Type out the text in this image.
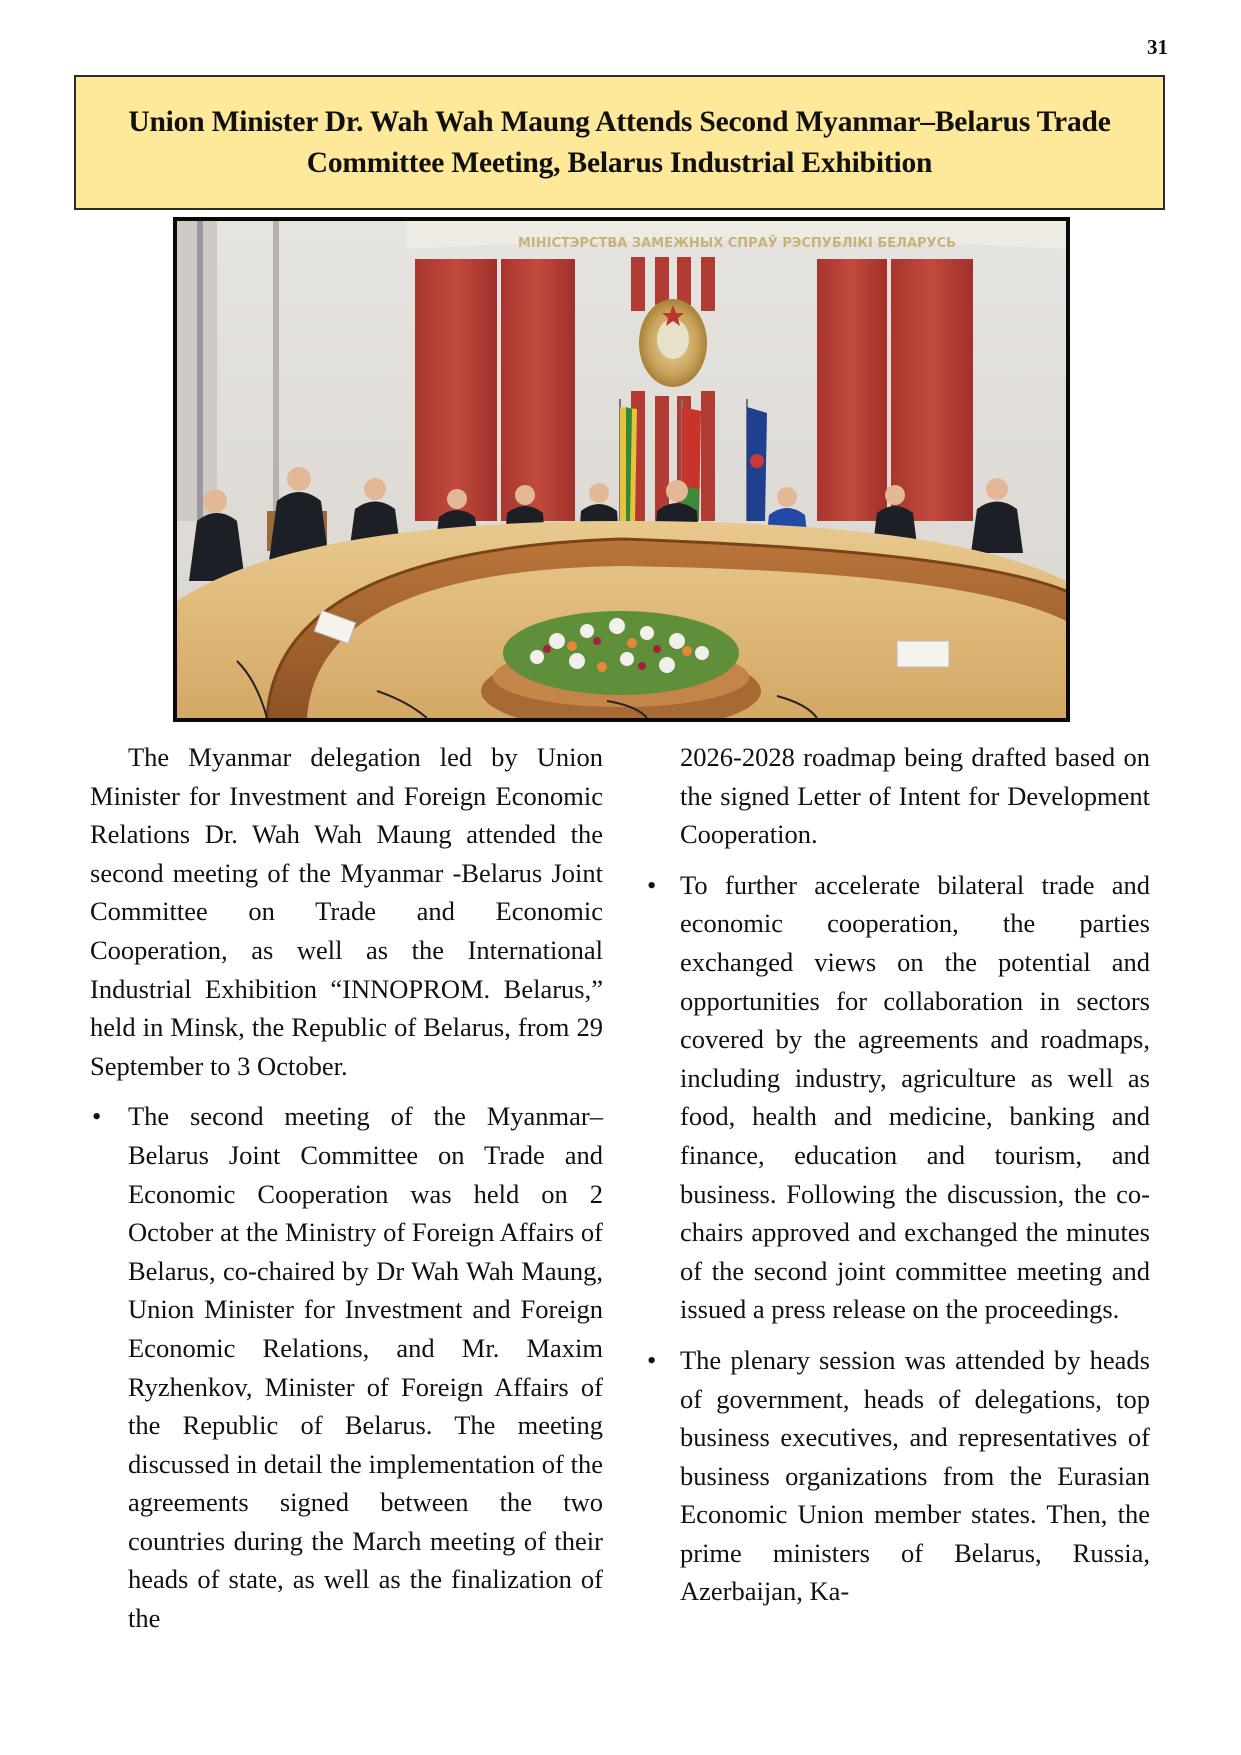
31
Union Minister Dr. Wah Wah Maung Attends Second Myanmar–Belarus Trade
Committee Meeting, Belarus Industrial Exhibition
МІНІСТЭРСТВА ЗАМЕЖНЫХ СПРАЎ РЭСПУБЛІКІ БЕЛАРУСЬ

The Myanmar delegation led by Union Minister for Investment and Foreign Economic Relations Dr. Wah Wah Maung attended the second meeting of the Myanmar -Belarus Joint Committee on Trade and Economic Cooperation, as well as the International Industrial Exhibition “INNOPROM. Belarus,” held in Minsk, the Republic of Belarus, from 29 September to 3 October.

• The second meeting of the Myanmar–Belarus Joint Committee on Trade and Economic Cooperation was held on 2 October at the Ministry of Foreign Affairs of Belarus, co-chaired by Dr Wah Wah Maung, Union Minister for Investment and Foreign Economic Relations, and Mr. Maxim Ryzhenkov, Minister of Foreign Affairs of the Republic of Belarus. The meeting discussed in detail the implementation of the agreements signed between the two countries during the March meeting of their heads of state, as well as the finalization of the

2026-2028 roadmap being drafted based on the signed Letter of Intent for Development Cooperation.

• To further accelerate bilateral trade and economic cooperation, the parties exchanged views on the potential and opportunities for collaboration in sectors covered by the agreements and roadmaps, including industry, agriculture as well as food, health and medicine, banking and finance, education and tourism, and business. Following the discussion, the co-chairs approved and exchanged the minutes of the second joint committee meeting and issued a press release on the proceedings.

• The plenary session was attended by heads of government, heads of delegations, top business executives, and representatives of business organizations from the Eurasian Economic Union member states. Then, the prime ministers of Belarus, Russia, Azerbaijan, Ka-
